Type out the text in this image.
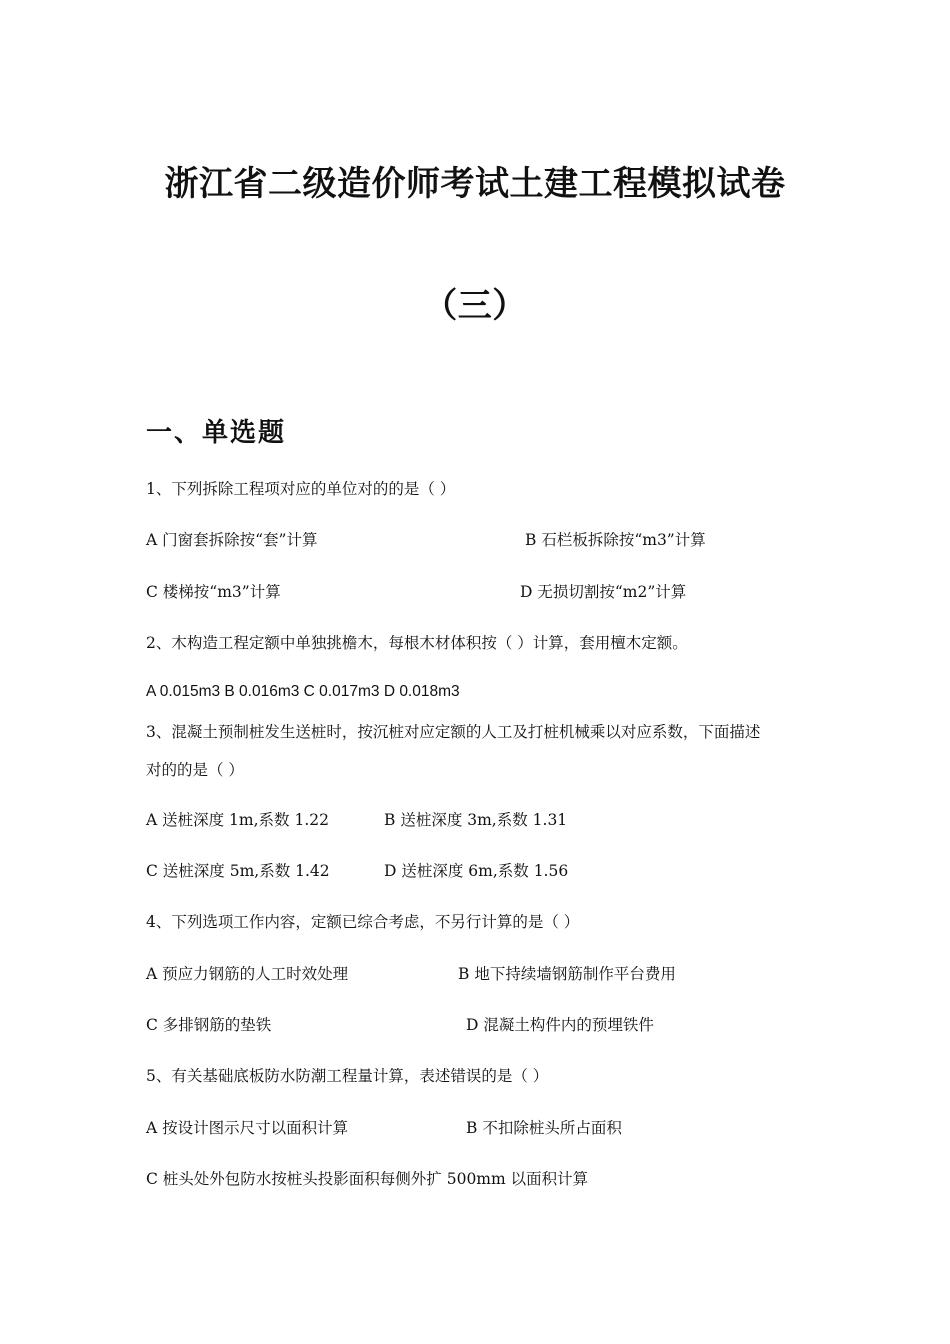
浙江省二级造价师考试土建工程模拟试卷
（三）
一、单选题
1、下列拆除工程项对应的单位对的的是（ ）
A 门窗套拆除按“套”计算	B 石栏板拆除按“m3”计算
C 楼梯按“m3”计算	D 无损切割按“m2”计算
2、木构造工程定额中单独挑檐木，每根木材体积按（ ）计算，套用檀木定额。
A 0.015m3 B 0.016m3 C 0.017m3 D 0.018m3
3、混凝土预制桩发生送桩时，按沉桩对应定额的人工及打桩机械乘以对应系数，下面描述
对的的是（ ）
A 送桩深度 1m,系数 1.22	B 送桩深度 3m,系数 1.31
C 送桩深度 5m,系数 1.42	D 送桩深度 6m,系数 1.56
4、下列选项工作内容，定额已综合考虑，不另行计算的是（ ）
A 预应力钢筋的人工时效处理	B 地下持续墙钢筋制作平台费用
C 多排钢筋的垫铁	D 混凝土构件内的预埋铁件
5、有关基础底板防水防潮工程量计算，表述错误的是（ ）
A 按设计图示尺寸以面积计算	B 不扣除桩头所占面积
C 桩头处外包防水按桩头投影面积每侧外扩 500mm 以面积计算
